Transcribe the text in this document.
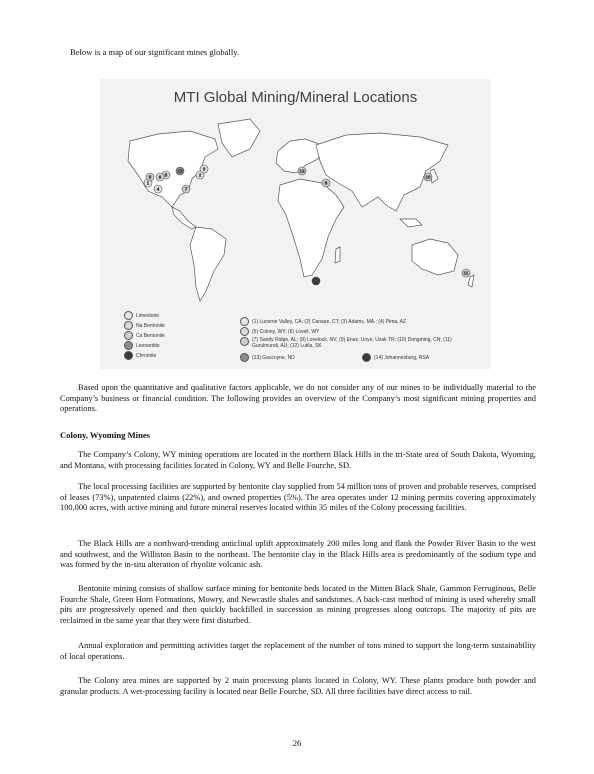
Below is a map of our significant mines globally.

MTI Global Mining/Mineral Locations
1
2
3
4
5
6
7
8
9
10
11
12
13
14
Limestone
Na Bentonite
Ca Bentonite
Leonardite
Chromite
(1) Lucerne Valley, CA; (2) Canaan, CT; (3) Adams, MA.; (4) Pima, AZ
(5) Colony, WY; (6) Lovell, WY
(7) Sandy Ridge, AL; (8) Lovelock, NV; (9) Enez, Unye, Usak TR; (10) Dongming, CN; (11) Gurulmundi, AU; (12) Lutila, SK
(13) Gascoyne, ND	(14) Johannesburg, RSA

Based upon the quantitative and qualitative factors applicable, we do not consider any of our mines to be individually material to the Company’s business or financial condition. The following provides an overview of the Company’s most significant mining properties and operations.

Colony, Wyoming Mines

The Company’s Colony, WY mining operations are located in the northern Black Hills in the tri-State area of South Dakota, Wyoming, and Montana, with processing facilities located in Colony, WY and Belle Fourche, SD.

The local processing facilities are supported by bentonite clay supplied from 54 million tons of proven and probable reserves, comprised of leases (73%), unpatented claims (22%), and owned properties (5%). The area operates under 12 mining permits covering approximately 100,000 acres, with active mining and future mineral reserves located within 35 miles of the Colony processing facilities.

The Black Hills are a northward-trending anticlinal uplift approximately 200 miles long and flank the Powder River Basin to the west and southwest, and the Williston Basin to the northeast. The bentonite clay in the Black Hills area is predominantly of the sodium type and was formed by the in-situ alteration of rhyolite volcanic ash.

Bentonite mining consists of shallow surface mining for bentonite beds located in the Mitten Black Shale, Gammon Ferruginous, Belle Fourche Shale, Green Horn Formations, Mowry, and Newcastle shales and sandstones. A back-cast method of mining is used whereby small pits are progressively opened and then quickly backfilled in succession as mining progresses along outcrops. The majority of pits are reclaimed in the same year that they were first disturbed.

Annual exploration and permitting activities target the replacement of the number of tons mined to support the long-term sustainability of local operations.

The Colony area mines are supported by 2 main processing plants located in Colony, WY. These plants produce both powder and granular products. A wet-processing facility is located near Belle Fourche, SD. All three facilities have direct access to rail.

26
